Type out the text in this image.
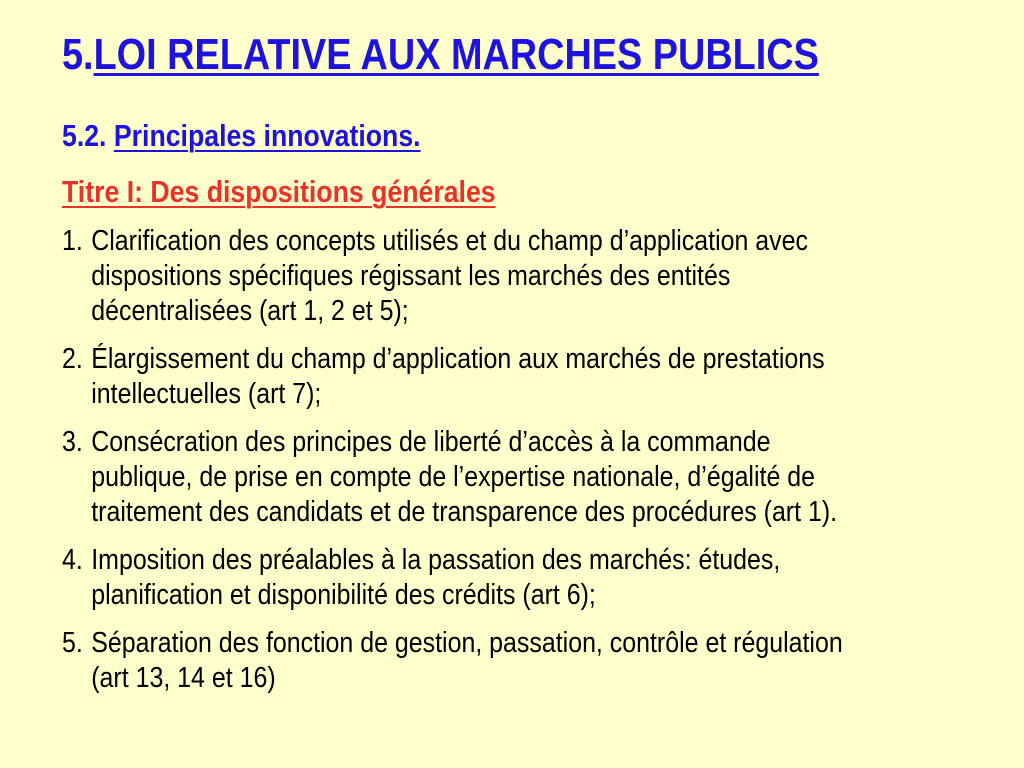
5.LOI RELATIVE AUX MARCHES PUBLICS
5.2. Principales innovations.
Titre I: Des dispositions générales
1. Clarification des concepts utilisés et du champ d’application avec
dispositions spécifiques régissant les marchés des entités
décentralisées (art 1, 2 et 5);
2. Élargissement du champ d’application aux marchés de prestations
intellectuelles (art 7);
3. Consécration des principes de liberté d’accès à la commande
publique, de prise en compte de l’expertise nationale, d’égalité de
traitement des candidats et de transparence des procédures (art 1).
4. Imposition des préalables à la passation des marchés: études,
planification et disponibilité des crédits (art 6);
5. Séparation des fonction de gestion, passation, contrôle et régulation
(art 13, 14 et 16)
